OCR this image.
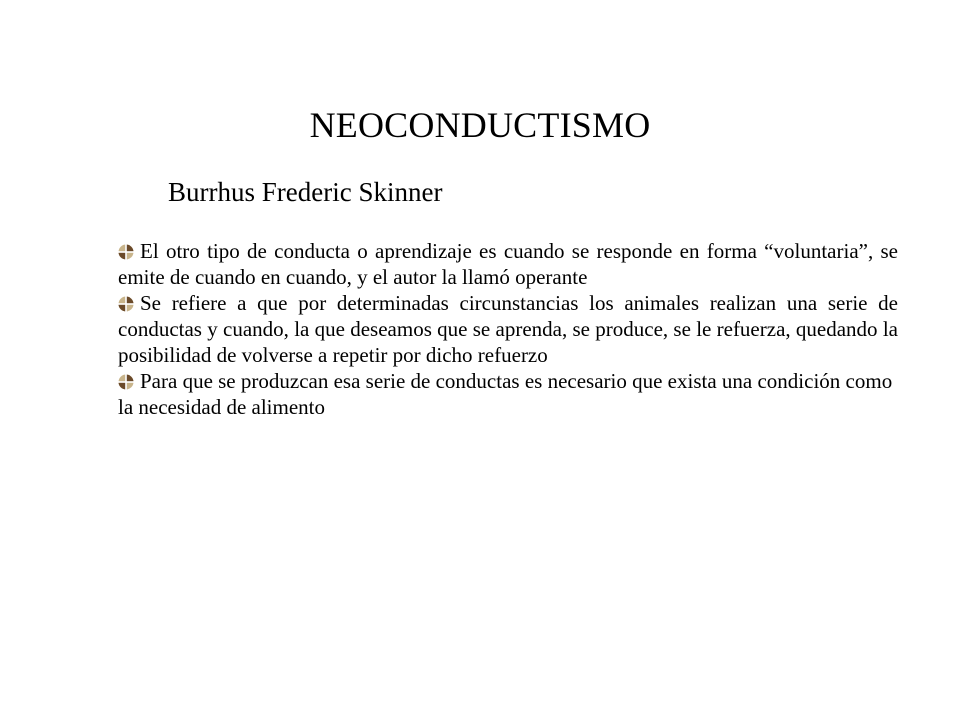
NEOCONDUCTISMO
Burrhus Frederic Skinner

El otro tipo de conducta o aprendizaje es cuando se responde en forma “voluntaria”, se emite de cuando en cuando, y el autor la llamó operante

Se refiere a que por determinadas circunstancias los animales realizan una serie de conductas y cuando, la que deseamos que se aprenda, se produce, se le refuerza, quedando la posibilidad de volverse a repetir por dicho refuerzo

Para que se produzcan esa serie de conductas es necesario que exista una condición como la necesidad de alimento
